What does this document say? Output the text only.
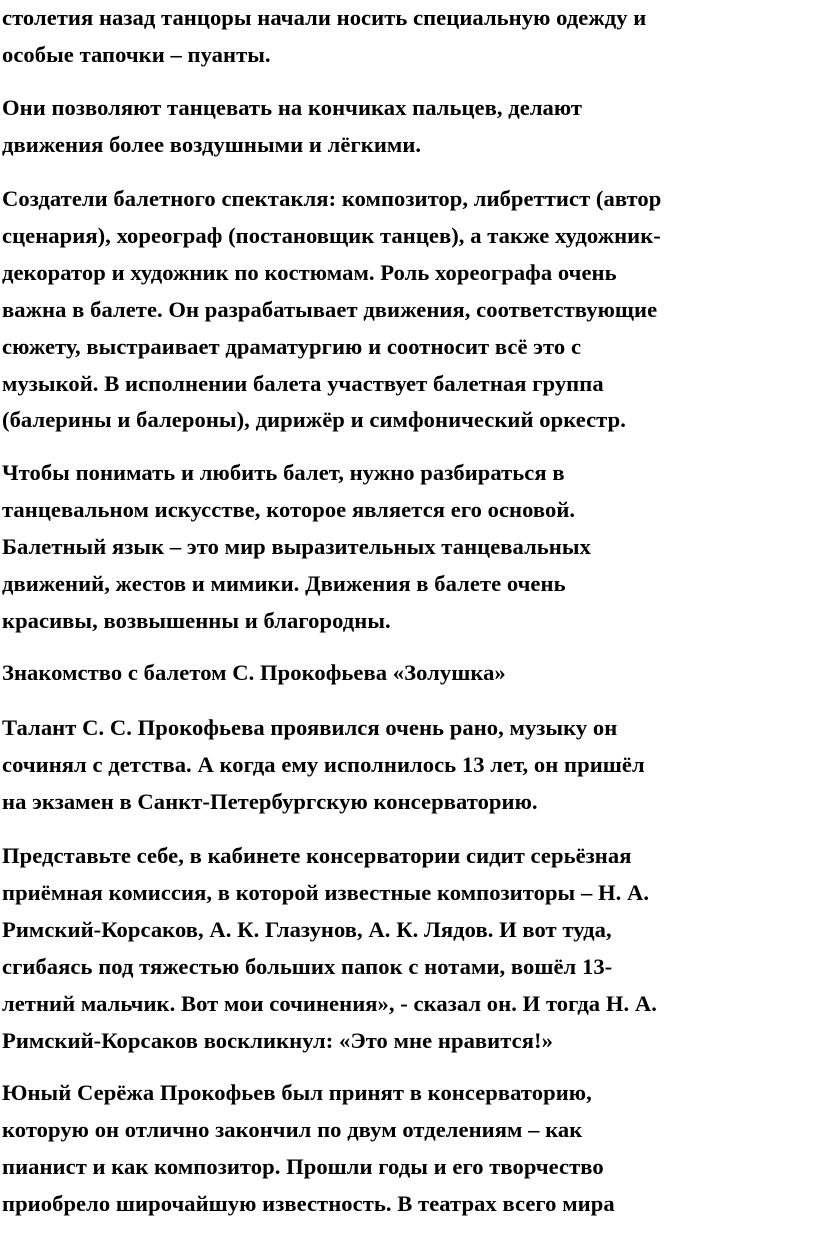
столетия назад танцоры начали носить специальную одежду и
особые тапочки – пуанты.
Они позволяют танцевать на кончиках пальцев, делают
движения более воздушными и лёгкими.
Создатели балетного спектакля: композитор, либреттист (автор
сценария), хореограф (постановщик танцев), а также художник-
декоратор и художник по костюмам. Роль хореографа очень
важна в балете. Он разрабатывает движения, соответствующие
сюжету, выстраивает драматургию и соотносит всё это с
музыкой. В исполнении балета участвует балетная группа
(балерины и балероны), дирижёр и симфонический оркестр.
Чтобы понимать и любить балет, нужно разбираться в
танцевальном искусстве, которое является его основой.
Балетный язык – это мир выразительных танцевальных
движений, жестов и мимики. Движения в балете очень
красивы, возвышенны и благородны.
Знакомство с балетом С. Прокофьева «Золушка»
Талант С. С. Прокофьева проявился очень рано, музыку он
сочинял с детства. А когда ему исполнилось 13 лет, он пришёл
на экзамен в Санкт-Петербургскую консерваторию.
Представьте себе, в кабинете консерватории сидит серьёзная
приёмная комиссия, в которой известные композиторы – Н. А.
Римский-Корсаков, А. К. Глазунов, А. К. Лядов. И вот туда,
сгибаясь под тяжестью больших папок с нотами, вошёл 13-
летний мальчик. Вот мои сочинения», - сказал он. И тогда Н. А.
Римский-Корсаков воскликнул: «Это мне нравится!»
Юный Серёжа Прокофьев был принят в консерваторию,
которую он отлично закончил по двум отделениям – как
пианист и как композитор. Прошли годы и его творчество
приобрело широчайшую известность. В театрах всего мира
